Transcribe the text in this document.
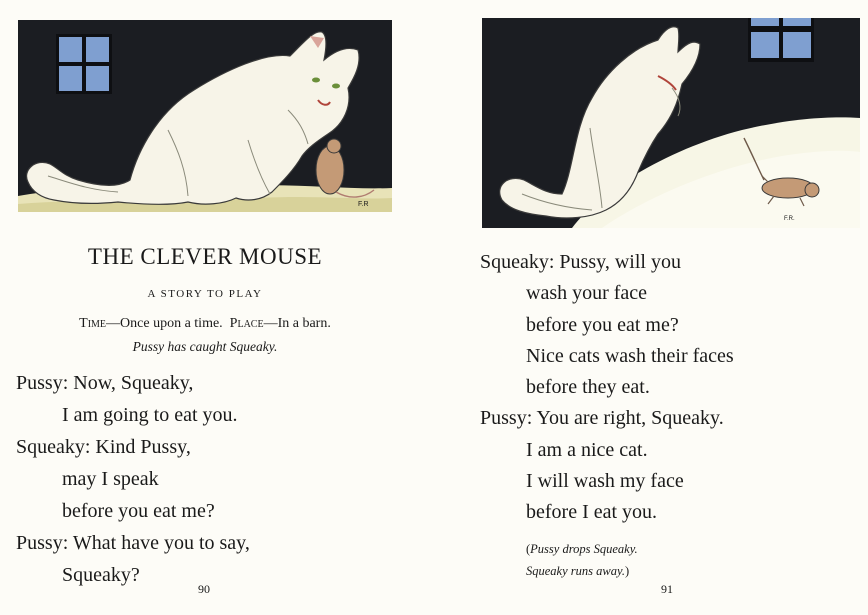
F.R
THE CLEVER MOUSE
A STORY TO PLAY
Time—Once upon a time. Place—In a barn.
Pussy has caught Squeaky.
Pussy: Now, Squeaky,
I am going to eat you.
Squeaky: Kind Pussy,
may I speak
before you eat me?
Pussy: What have you to say,
Squeaky?
90
F.R.
Squeaky: Pussy, will you
wash your face
before you eat me?
Nice cats wash their faces
before they eat.
Pussy: You are right, Squeaky.
I am a nice cat.
I will wash my face
before I eat you.
(Pussy drops Squeaky.
Squeaky runs away.)
91
